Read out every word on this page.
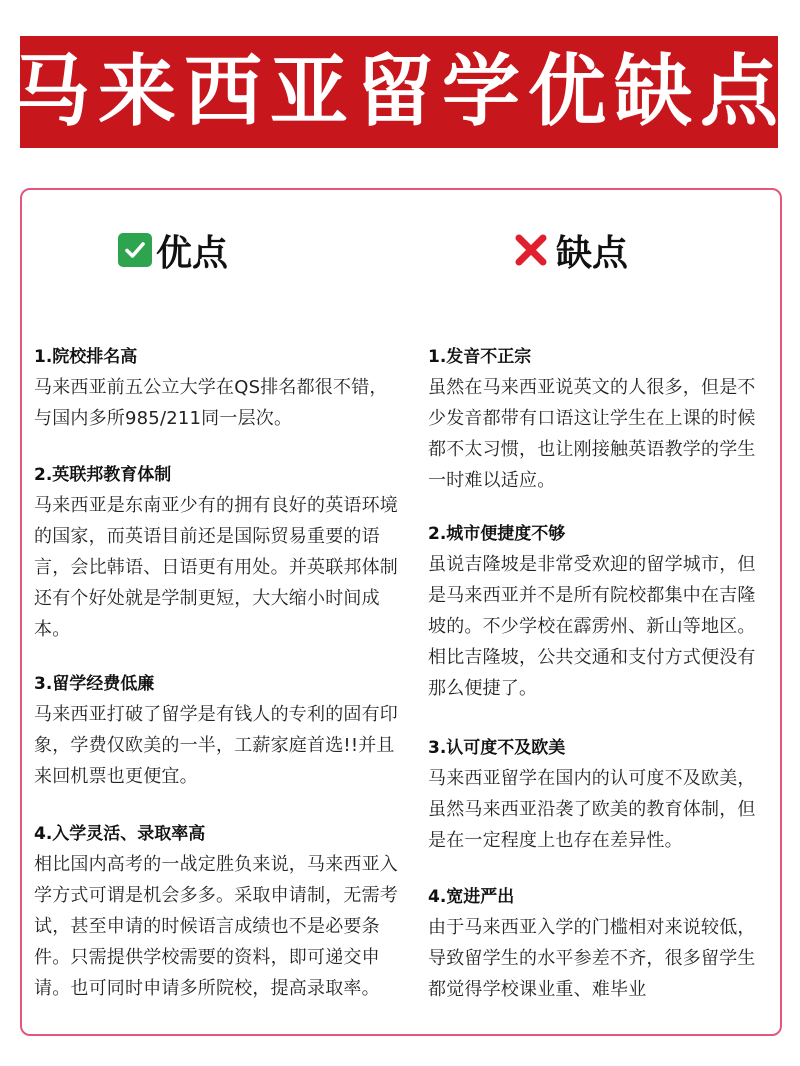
马来西亚留学优缺点
优点	缺点
1.院校排名高
马来西亚前五公立大学在QS排名都很不错，与国内多所985/211同一层次。
2.英联邦教育体制
马来西亚是东南亚少有的拥有良好的英语环境的国家，而英语目前还是国际贸易重要的语言，会比韩语、日语更有用处。并英联邦体制还有个好处就是学制更短，大大缩小时间成本。
3.留学经费低廉
马来西亚打破了留学是有钱人的专利的固有印象，学费仅欧美的一半，工薪家庭首选!!并且来回机票也更便宜。
4.入学灵活、录取率高
相比国内高考的一战定胜负来说，马来西亚入学方式可谓是机会多多。采取申请制，无需考试，甚至申请的时候语言成绩也不是必要条件。只需提供学校需要的资料，即可递交申请。也可同时申请多所院校，提高录取率。
1.发音不正宗
虽然在马来西亚说英文的人很多，但是不少发音都带有口语这让学生在上课的时候都不太习惯，也让刚接触英语教学的学生一时难以适应。
2.城市便捷度不够
虽说吉隆坡是非常受欢迎的留学城市，但是马来西亚并不是所有院校都集中在吉隆坡的。不少学校在霹雳州、新山等地区。相比吉隆坡，公共交通和支付方式便没有那么便捷了。
3.认可度不及欧美
马来西亚留学在国内的认可度不及欧美，虽然马来西亚沿袭了欧美的教育体制，但是在一定程度上也存在差异性。
4.宽进严出
由于马来西亚入学的门槛相对来说较低，导致留学生的水平参差不齐，很多留学生都觉得学校课业重、难毕业
